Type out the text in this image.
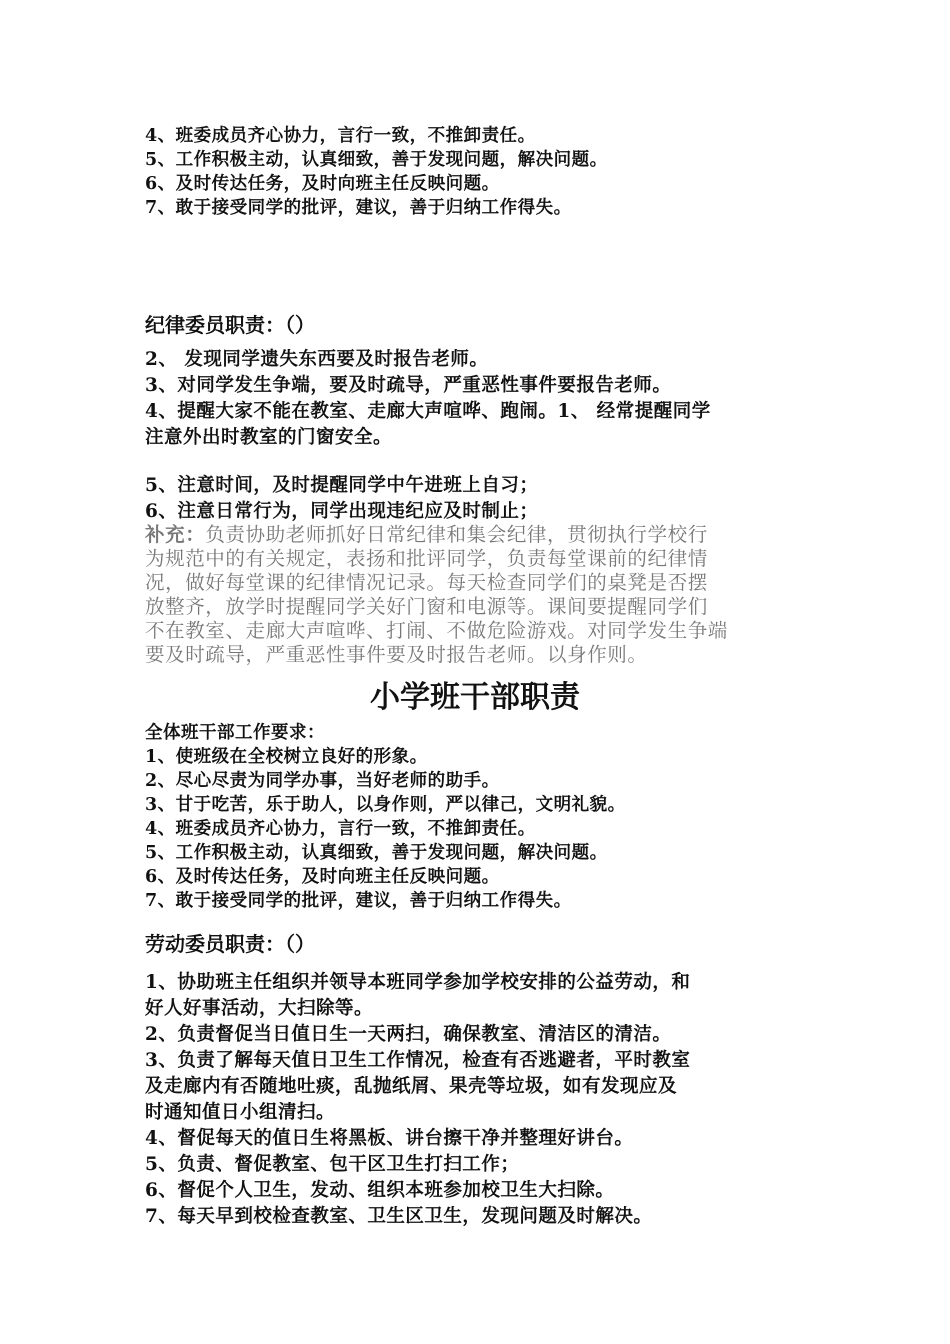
4、班委成员齐心协力，言行一致，不推卸责任。
5、工作积极主动，认真细致，善于发现问题，解决问题。
6、及时传达任务，及时向班主任反映问题。
7、敢于接受同学的批评，建议，善于归纳工作得失。
纪律委员职责：（）
2、 发现同学遗失东西要及时报告老师。
3、对同学发生争端，要及时疏导，严重恶性事件要报告老师。
4、提醒大家不能在教室、走廊大声喧哗、跑闹。1、 经常提醒同学
注意外出时教室的门窗安全。
5、注意时间，及时提醒同学中午进班上自习；
6、注意日常行为，同学出现违纪应及时制止；
补充：负责协助老师抓好日常纪律和集会纪律，贯彻执行学校行
为规范中的有关规定，表扬和批评同学，负责每堂课前的纪律情
况，做好每堂课的纪律情况记录。每天检查同学们的桌凳是否摆
放整齐，放学时提醒同学关好门窗和电源等。课间要提醒同学们
不在教室、走廊大声喧哗、打闹、不做危险游戏。对同学发生争端
要及时疏导，严重恶性事件要及时报告老师。以身作则。
小学班干部职责
全体班干部工作要求：
1、使班级在全校树立良好的形象。
2、尽心尽责为同学办事，当好老师的助手。
3、甘于吃苦，乐于助人，以身作则，严以律己，文明礼貌。
4、班委成员齐心协力，言行一致，不推卸责任。
5、工作积极主动，认真细致，善于发现问题，解决问题。
6、及时传达任务，及时向班主任反映问题。
7、敢于接受同学的批评，建议，善于归纳工作得失。
劳动委员职责：（）
1、协助班主任组织并领导本班同学参加学校安排的公益劳动，和
好人好事活动，大扫除等。
2、负责督促当日值日生一天两扫，确保教室、清洁区的清洁。
3、负责了解每天值日卫生工作情况，检查有否逃避者，平时教室
及走廊内有否随地吐痰，乱抛纸屑、果壳等垃圾，如有发现应及
时通知值日小组清扫。
4、督促每天的值日生将黑板、讲台擦干净并整理好讲台。
5、负责、督促教室、包干区卫生打扫工作；
6、督促个人卫生，发动、组织本班参加校卫生大扫除。
7、每天早到校检查教室、卫生区卫生，发现问题及时解决。
